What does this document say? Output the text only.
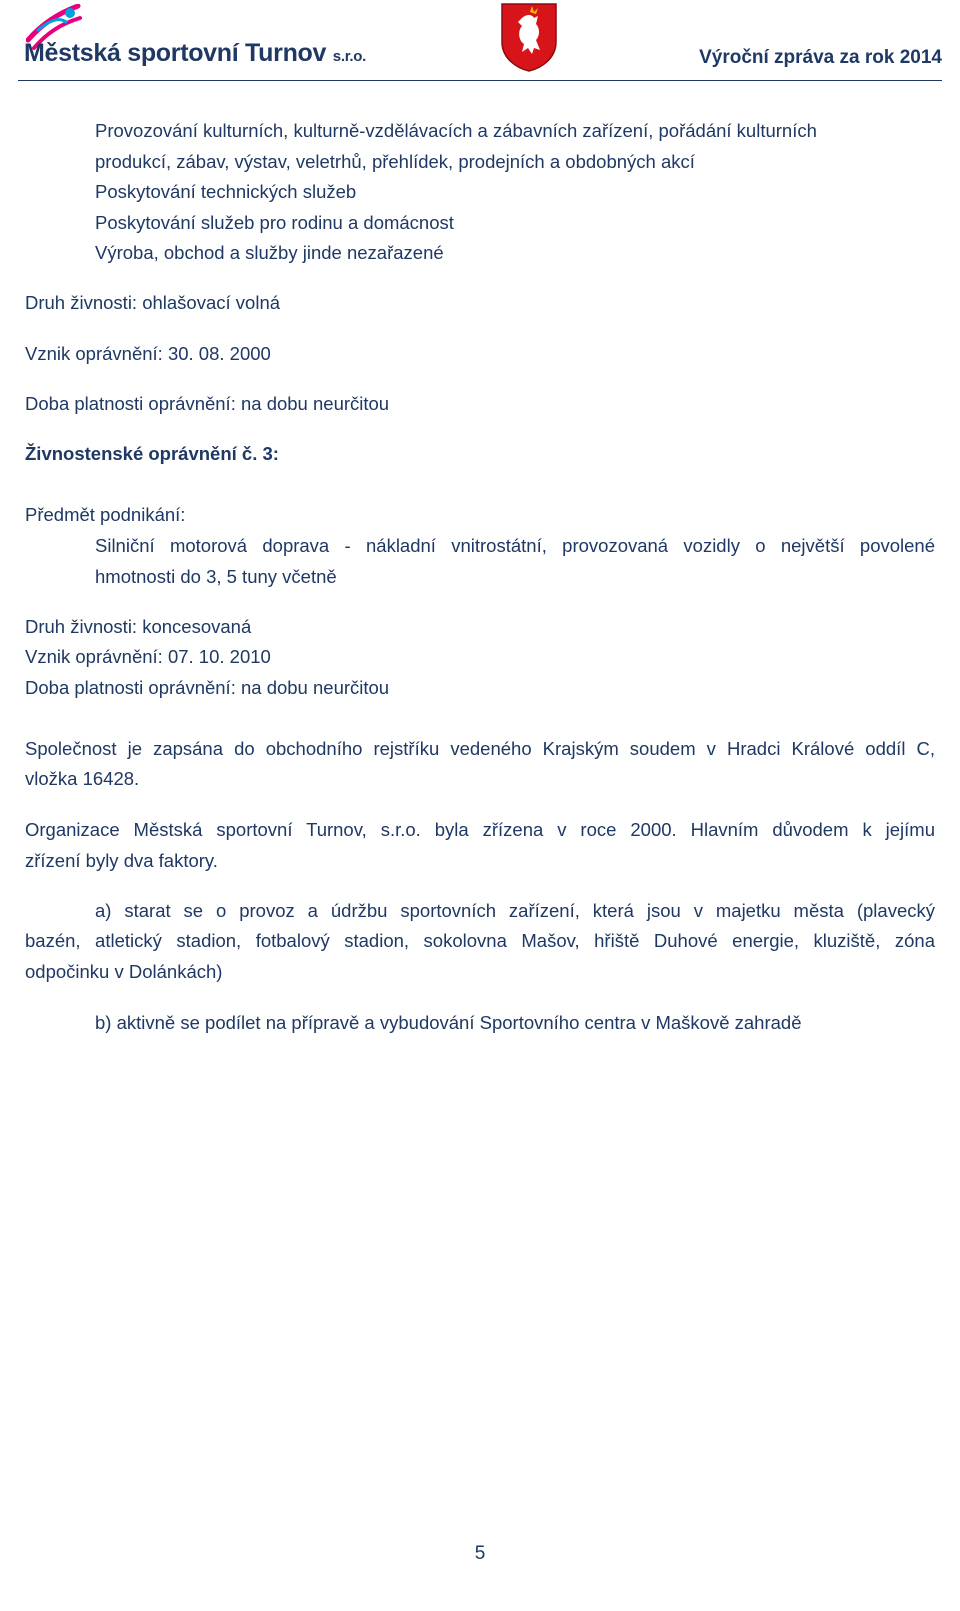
Městská sportovní Turnov s.r.o.	Výroční zpráva za rok 2014
Provozování kulturních, kulturně-vzdělávacích a zábavních zařízení, pořádání kulturních
produkcí, zábav, výstav, veletrhů, přehlídek, prodejních a obdobných akcí
Poskytování technických služeb
Poskytování služeb pro rodinu a domácnost
Výroba, obchod a služby jinde nezařazené
Druh živnosti: ohlašovací volná
Vznik oprávnění: 30. 08. 2000
Doba platnosti oprávnění: na dobu neurčitou
Živnostenské oprávnění č. 3:
Předmět podnikání:
Silniční motorová doprava - nákladní vnitrostátní, provozovaná vozidly o největší povolené
hmotnosti do 3, 5 tuny včetně
Druh živnosti: koncesovaná
Vznik oprávnění: 07. 10. 2010
Doba platnosti oprávnění: na dobu neurčitou
Společnost je zapsána do obchodního rejstříku vedeného Krajským soudem v Hradci Králové oddíl C,
vložka 16428.
Organizace Městská sportovní Turnov, s.r.o. byla zřízena v roce 2000. Hlavním důvodem k jejímu
zřízení byly dva faktory.
a) starat se o provoz a údržbu sportovních zařízení, která jsou v majetku města (plavecký
bazén, atletický stadion, fotbalový stadion, sokolovna Mašov, hřiště Duhové energie, kluziště, zóna
odpočinku v Dolánkách)
b) aktivně se podílet na přípravě a vybudování Sportovního centra v Maškově zahradě
5
